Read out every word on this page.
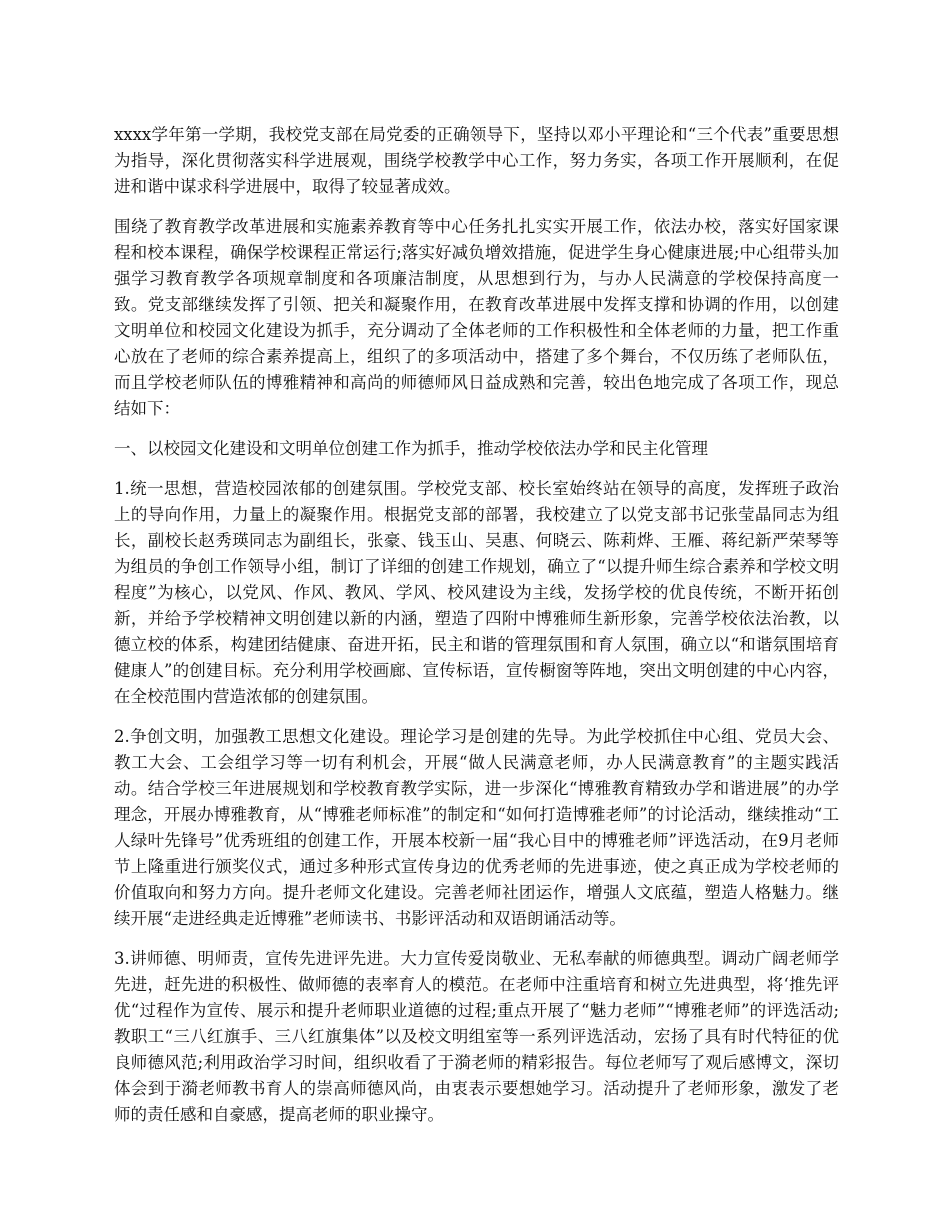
xxxx学年第一学期，我校党支部在局党委的正确领导下，坚持以邓小平理论和“三个代表”重要思想为指导，深化贯彻落实科学进展观，围绕学校教学中心工作，努力务实，各项工作开展顺利，在促进和谐中谋求科学进展中，取得了较显著成效。

围绕了教育教学改革进展和实施素养教育等中心任务扎扎实实开展工作，依法办校，落实好国家课程和校本课程，确保学校课程正常运行;落实好减负增效措施，促进学生身心健康进展;中心组带头加强学习教育教学各项规章制度和各项廉洁制度，从思想到行为，与办人民满意的学校保持高度一致。党支部继续发挥了引领、把关和凝聚作用，在教育改革进展中发挥支撑和协调的作用，以创建文明单位和校园文化建设为抓手，充分调动了全体老师的工作积极性和全体老师的力量，把工作重心放在了老师的综合素养提高上，组织了的多项活动中，搭建了多个舞台，不仅历练了老师队伍，而且学校老师队伍的博雅精神和高尚的师德师风日益成熟和完善，较出色地完成了各项工作，现总结如下：

一、以校园文化建设和文明单位创建工作为抓手，推动学校依法办学和民主化管理

1.统一思想，营造校园浓郁的创建氛围。学校党支部、校长室始终站在领导的高度，发挥班子政治上的导向作用，力量上的凝聚作用。根据党支部的部署，我校建立了以党支部书记张莹晶同志为组长，副校长赵秀瑛同志为副组长，张豪、钱玉山、吴惠、何晓云、陈莉烨、王雁、蒋纪新严荣琴等为组员的争创工作领导小组，制订了详细的创建工作规划，确立了“以提升师生综合素养和学校文明程度”为核心，以党风、作风、教风、学风、校风建设为主线，发扬学校的优良传统，不断开拓创新，并给予学校精神文明创建以新的内涵，塑造了四附中博雅师生新形象，完善学校依法治教，以德立校的体系，构建团结健康、奋进开拓，民主和谐的管理氛围和育人氛围，确立以“和谐氛围培育健康人”的创建目标。充分利用学校画廊、宣传标语，宣传橱窗等阵地，突出文明创建的中心内容，在全校范围内营造浓郁的创建氛围。

2.争创文明，加强教工思想文化建设。理论学习是创建的先导。为此学校抓住中心组、党员大会、教工大会、工会组学习等一切有利机会，开展“做人民满意老师，办人民满意教育”的主题实践活动。结合学校三年进展规划和学校教育教学实际，进一步深化“博雅教育精致办学和谐进展”的办学理念，开展办博雅教育，从“博雅老师标准”的制定和“如何打造博雅老师”的讨论活动，继续推动“工人绿叶先锋号”优秀班组的创建工作，开展本校新一届“我心目中的博雅老师”评选活动，在9月老师节上隆重进行颁奖仪式，通过多种形式宣传身边的优秀老师的先进事迹，使之真正成为学校老师的价值取向和努力方向。提升老师文化建设。完善老师社团运作，增强人文底蕴，塑造人格魅力。继续开展“走进经典走近博雅”老师读书、书影评活动和双语朗诵活动等。

3.讲师德、明师责，宣传先进评先进。大力宣传爱岗敬业、无私奉献的师德典型。调动广阔老师学先进，赶先进的积极性、做师德的表率育人的模范。在老师中注重培育和树立先进典型，将‘推先评优“过程作为宣传、展示和提升老师职业道德的过程;重点开展了“魅力老师”“博雅老师”的评选活动;教职工“三八红旗手、三八红旗集体”以及校文明组室等一系列评选活动，宏扬了具有时代特征的优良师德风范;利用政治学习时间，组织收看了于漪老师的精彩报告。每位老师写了观后感博文，深切体会到于漪老师教书育人的崇高师德风尚，由衷表示要想她学习。活动提升了老师形象，激发了老师的责任感和自豪感，提高老师的职业操守。
